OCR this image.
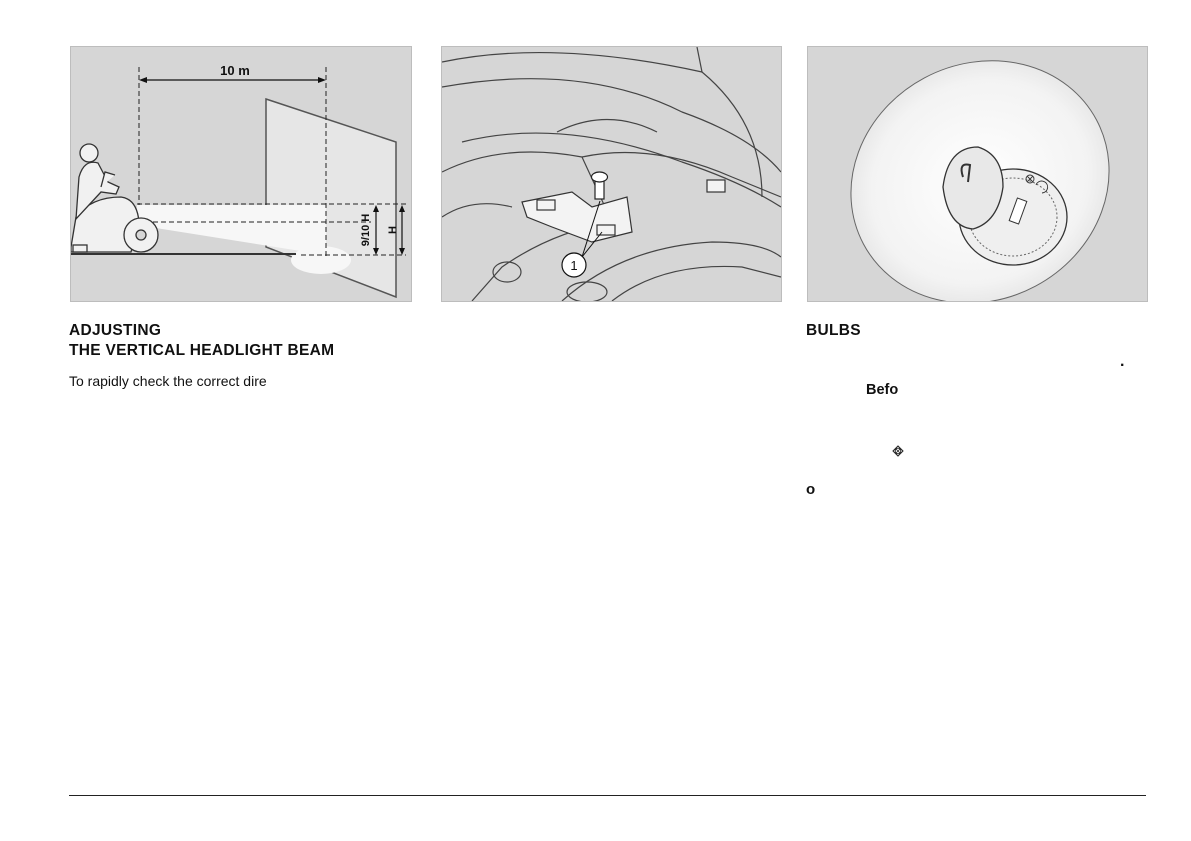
10 m
9/10 H H
1
ADJUSTING
THE VERTICAL HEADLIGHT BEAM

To rapidly check the correct dire

BULBS
.
Befo
o
